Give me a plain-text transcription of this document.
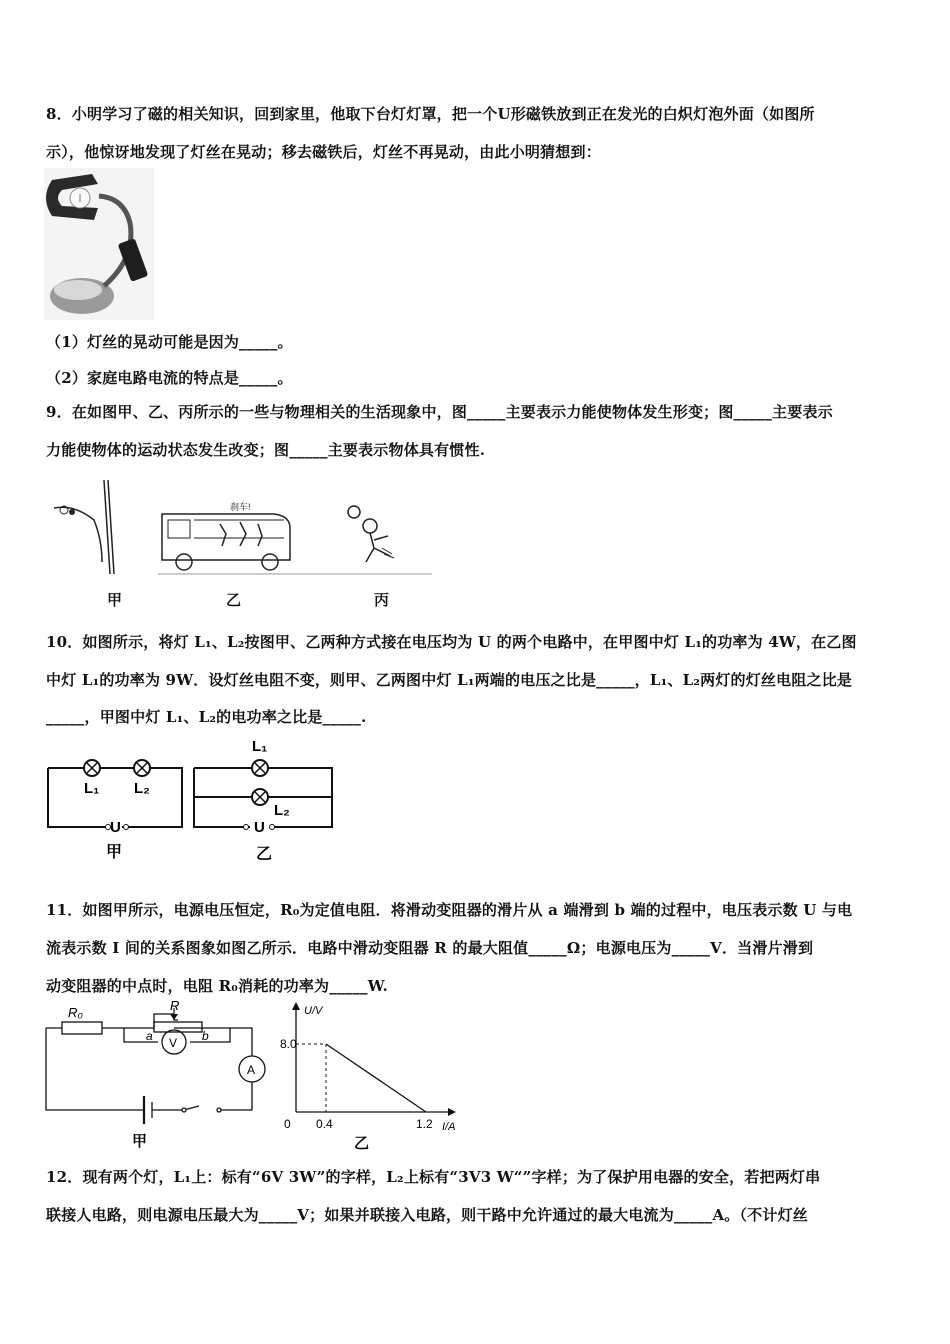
8．小明学习了磁的相关知识，回到家里，他取下台灯灯罩，把一个U形磁铁放到正在发光的白炽灯泡外面（如图所
示），他惊讶地发现了灯丝在晃动；移去磁铁后，灯丝不再晃动，由此小明猜想到：
（1）灯丝的晃动可能是因为_____。
（2）家庭电路电流的特点是_____。
9．在如图甲、乙、丙所示的一些与物理相关的生活现象中，图_____主要表示力能使物体发生形变；图_____主要表示
力能使物体的运动状态发生改变；图_____主要表示物体具有惯性.
刹车!
甲	乙	丙
10．如图所示，将灯 L₁、L₂按图甲、乙两种方式接在电压均为 U 的两个电路中，在甲图中灯 L₁的功率为 4W，在乙图
中灯 L₁的功率为 9W．设灯丝电阻不变，则甲、乙两图中灯 L₁两端的电压之比是_____，L₁、L₂两灯的灯丝电阻之比是
_____，甲图中灯 L₁、L₂的电功率之比是_____.
L₁ L₂
U
甲
L₁
L₂
U
乙
11．如图甲所示，电源电压恒定，R₀为定值电阻．将滑动变阻器的滑片从 a 端滑到 b 端的过程中，电压表示数 U 与电
流表示数 I 间的关系图象如图乙所示．电路中滑动变阻器 R 的最大阻值_____Ω；电源电压为_____V．当滑片滑到
动变阻器的中点时，电阻 R₀消耗的功率为_____W.
R₀	R
a	b
V
A
甲
U/V
I/A
0
8.0
0.4	1.2
乙
12．现有两个灯，L₁上：标有“6V 3W”的字样，L₂上标有“3V3 W“”字样；为了保护用电器的安全，若把两灯串
联接人电路，则电源电压最大为_____V；如果并联接入电路，则干路中允许通过的最大电流为_____A。（不计灯丝
